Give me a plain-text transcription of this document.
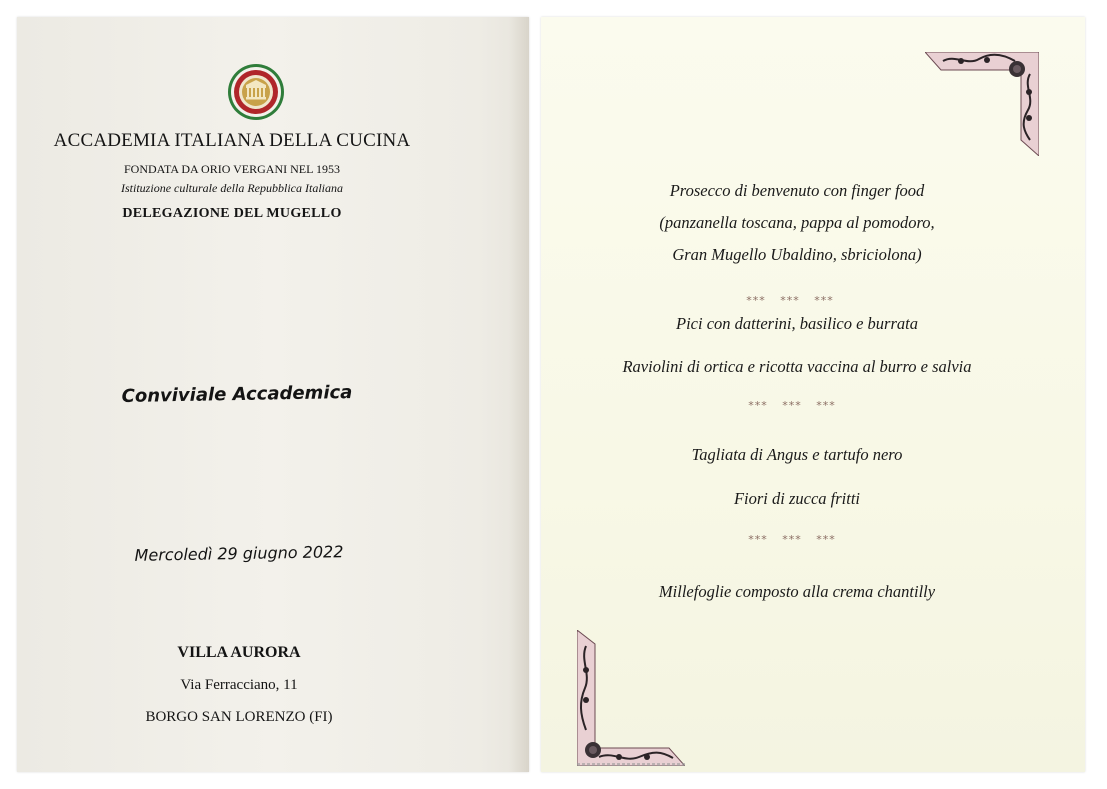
ACCADEMIA ITALIANA DELLA CUCINA
FONDATA DA ORIO VERGANI NEL 1953
Istituzione culturale della Repubblica Italiana
DELEGAZIONE DEL MUGELLO
Conviviale Accademica
Mercoledì 29 giugno 2022
VILLA AURORA
Via Ferracciano, 11
BORGO SAN LORENZO (FI)
Prosecco di benvenuto con finger food
(panzanella toscana, pappa al pomodoro,
Gran Mugello Ubaldino, sbriciolona)
*** *** ***
Pici con datterini, basilico e burrata
Raviolini di ortica e ricotta vaccina al burro e salvia
*** *** ***
Tagliata di Angus e tartufo nero
Fiori di zucca fritti
*** *** ***
Millefoglie composto alla crema chantilly
